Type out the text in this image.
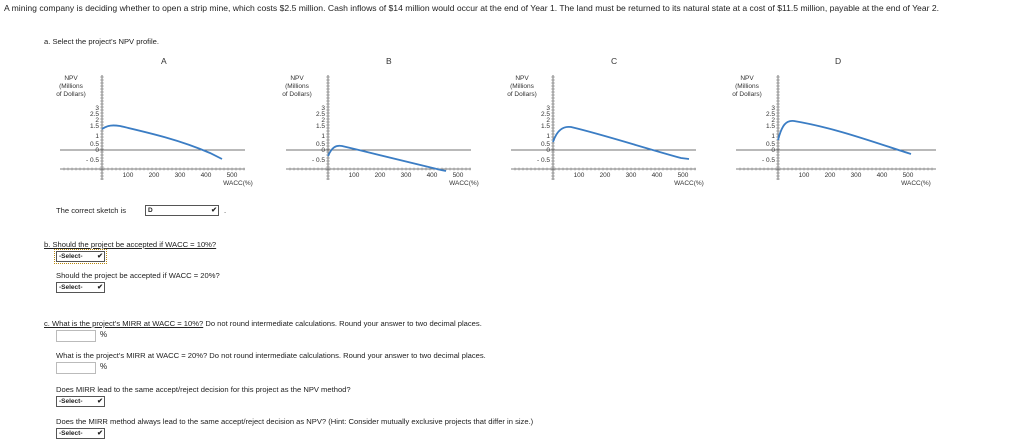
A mining company is deciding whether to open a strip mine, which costs $2.5 million. Cash inflows of $14 million would occur at the end of Year 1. The land must be returned to its natural state at a cost of $11.5 million, payable at the end of Year 2.
a. Select the project's NPV profile.
A
NPV
(Millions
of Dollars)
3
2.5
2
1.5
1
0.5
0
- 0.5
100 200 300 400 500
WACC(%)
B
NPV
(Millions
of Dollars)
3
2.5
2
1.5
1
0.5
0
- 0.5
100 200 300 400 500
WACC(%)
C
NPV
(Millions
of Dollars)
3
2.5
2
1.5
1
0.5
0
- 0.5
100 200 300 400 500
WACC(%)
D
NPV
(Millions
of Dollars)
3
2.5
2
1.5
1
0.5
0
- 0.5
100 200 300 400 500
WACC(%)
The correct sketch is	D	✔ .
b. Should the project be accepted if WACC = 10%?
-Select- ✔
Should the project be accepted if WACC = 20%?
-Select- ✔
c. What is the project's MIRR at WACC = 10%? Do not round intermediate calculations. Round your answer to two decimal places.
%
What is the project's MIRR at WACC = 20%? Do not round intermediate calculations. Round your answer to two decimal places.
%
Does MIRR lead to the same accept/reject decision for this project as the NPV method?
-Select- ✔
Does the MIRR method always lead to the same accept/reject decision as NPV? (Hint: Consider mutually exclusive projects that differ in size.)
-Select- ✔
